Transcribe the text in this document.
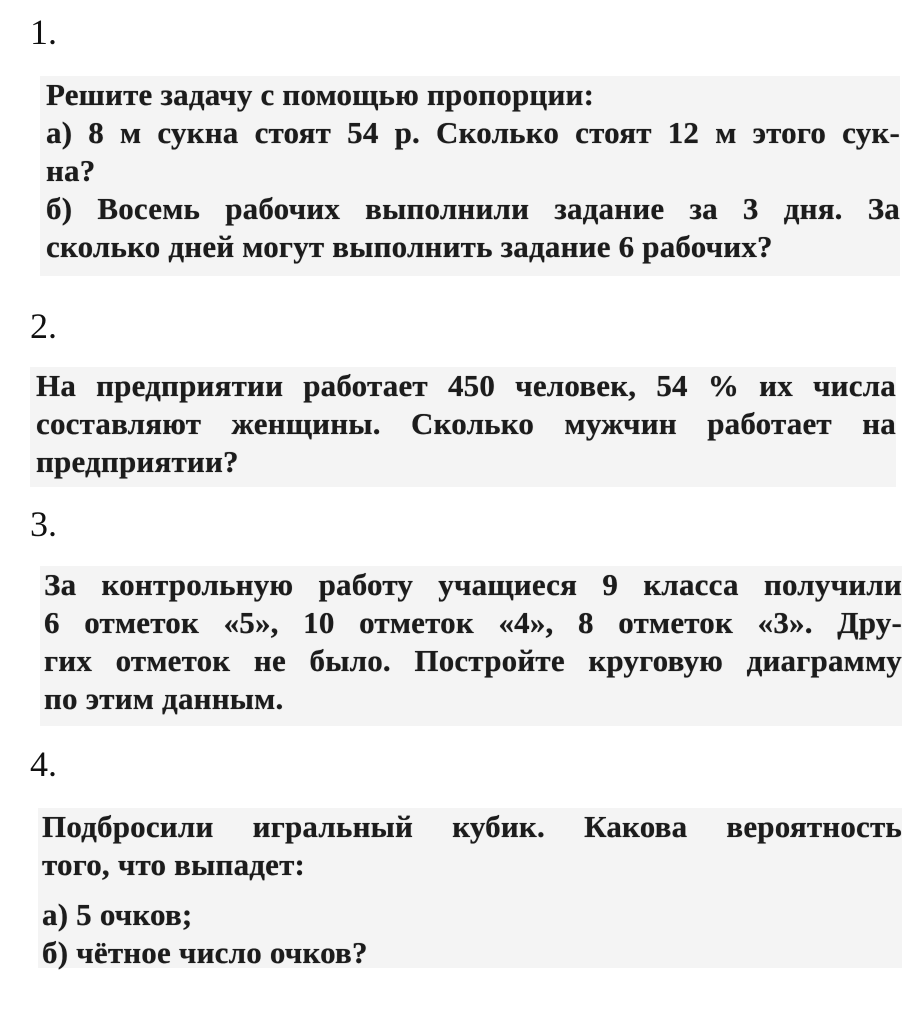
1.
Решите задачу с помощью пропорции:
а) 8 м сукна стоят 54 р. Сколько стоят 12 м этого сук-
на?
б) Восемь рабочих выполнили задание за 3 дня. За
сколько дней могут выполнить задание 6 рабочих?
2.
На предприятии работает 450 человек, 54 % их числа
составляют женщины. Сколько мужчин работает на
предприятии?
3.
За контрольную работу учащиеся 9 класса получили
6 отметок «5», 10 отметок «4», 8 отметок «3». Дру-
гих отметок не было. Постройте круговую диаграмму
по этим данным.
4.
Подбросили игральный кубик. Какова вероятность
того, что выпадет:
а) 5 очков;
б) чётное число очков?
